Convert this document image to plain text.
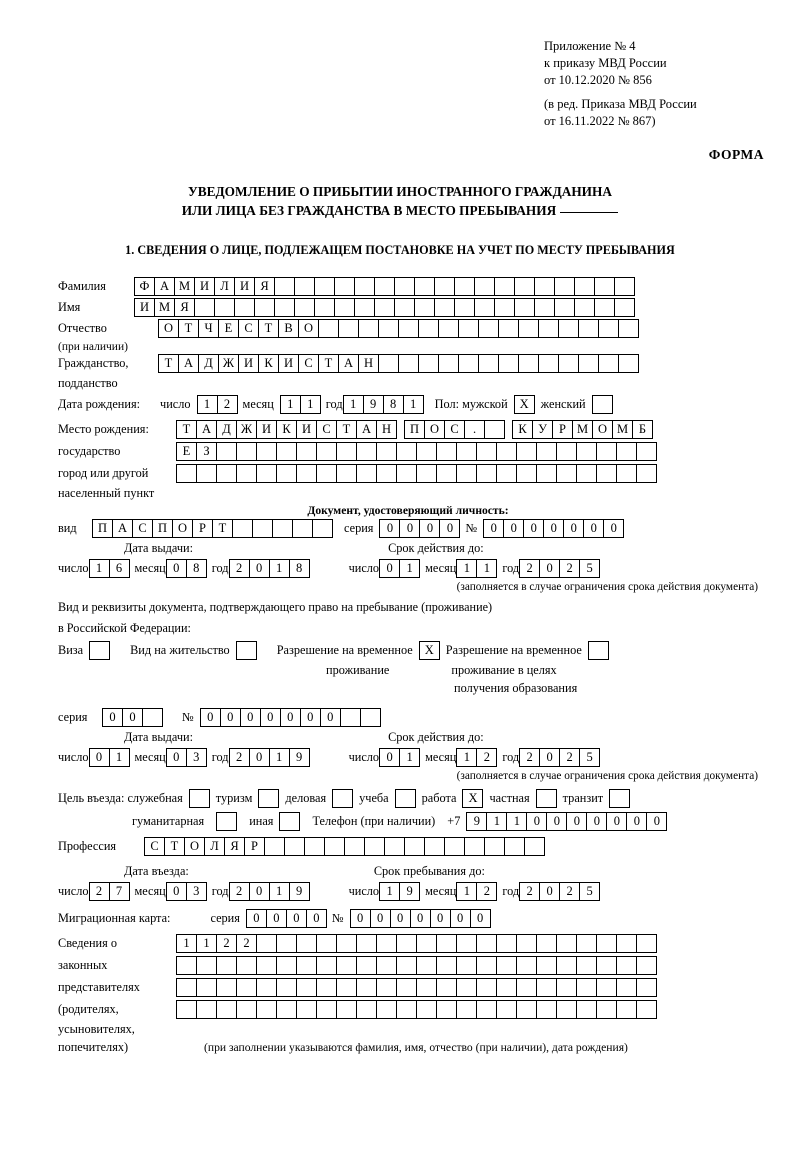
Приложение № 4
к приказу МВД России
от 10.12.2020 № 856
(в ред. Приказа МВД России
от 16.11.2022 № 867)
ФОРМА
УВЕДОМЛЕНИЕ О ПРИБЫТИИ ИНОСТРАННОГО ГРАЖДАНИНА
ИЛИ ЛИЦА БЕЗ ГРАЖДАНСТВА В МЕСТО ПРЕБЫВАНИЯ
1. СВЕДЕНИЯ О ЛИЦЕ, ПОДЛЕЖАЩЕМ ПОСТАНОВКЕ НА УЧЕТ ПО МЕСТУ ПРЕБЫВАНИЯ
Фамилия	Ф А М И Л И Я
Имя	И М Я
Отчество	О Т Ч Е С Т В О
(при наличии)
Гражданство,	Т А Д Ж И К И С Т А Н
подданство
Дата рождения: число	1	2	месяц	1	1	год 1	9	8	1	Пол: мужской Х женский
Место рождения:	Т А Д Ж И К И С Т А Н	П О С	.	К У Р М О М Б
государство	Е	З
город или другой
населенный пункт
Документ, удостоверяющий личность:
вид	П А С П О Р	Т	серия	0	0	0	0	№	0	0	0	0	0	0	0
Дата выдачи:	Срок действия до:
число 1	6	месяц 0	8	год 2	0	1	8	число 0	1	месяц 1	1	год 2	0	2	5
(заполняется в случае ограничения срока действия документа)
Вид и реквизиты документа, подтверждающего право на пребывание (проживание)
в Российской Федерации:
Виза	Вид на жительство	Разрешение на временное Х Разрешение на временное
проживание	проживание в целях
получения образования
серия	0	0	№	0	0	0	0	0	0	0
Дата выдачи:	Срок действия до:
число 0	1	месяц 0	3	год 2	0	1	9	число 0	1	месяц 1	2	год 2	0	2	5
(заполняется в случае ограничения срока действия документа)
Цель въезда: служебная	туризм	деловая	учеба	работа Х частная	транзит
гуманитарная	иная	Телефон (при наличии) +7	9	1	1	0	0	0	0	0	0	0
Профессия	С Т О Л Я Р
Дата въезда:	Срок пребывания до:
число 2	7	месяц 0	3	год 2	0	1	9	число 1	9	месяц 1	2	год 2	0	2	5
Миграционная карта:	серия	0	0	0	0	№	0	0	0	0	0	0	0
Сведения о	1	1	2	2
законных
представителях
(родителях,
усыновителях,
попечителях)	(при заполнении указываются фамилия, имя, отчество (при наличии), дата рождения)
